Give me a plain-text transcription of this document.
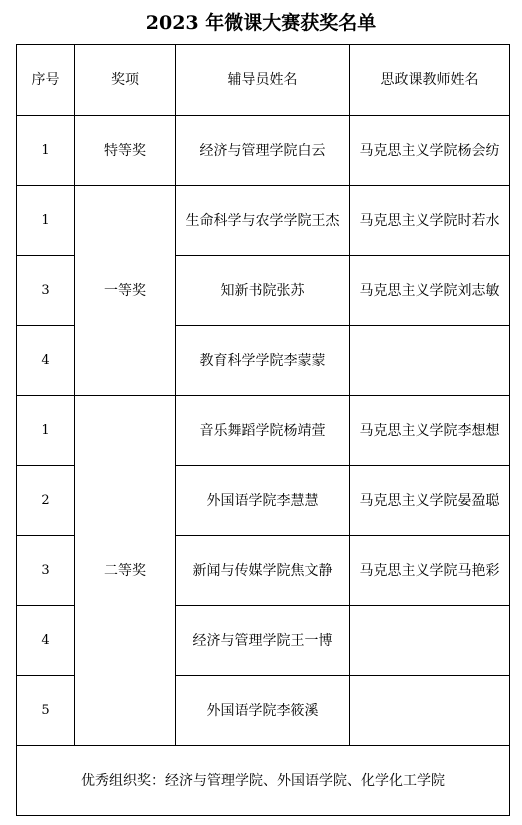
2023 年微课大赛获奖名单
序号	奖项	辅导员姓名	思政课教师姓名
1	特等奖	经济与管理学院白云	马克思主义学院杨会纺
1	一等奖	生命科学与农学学院王杰	马克思主义学院时若水
3		知新书院张苏	马克思主义学院刘志敏
4		教育科学学院李蒙蒙	
1	二等奖	音乐舞蹈学院杨靖萱	马克思主义学院李想想
2		外国语学院李慧慧	马克思主义学院晏盈聪
3		新闻与传媒学院焦文静	马克思主义学院马艳彩
4		经济与管理学院王一博	
5		外国语学院李筱溪	
优秀组织奖：经济与管理学院、外国语学院、化学化工学院			
